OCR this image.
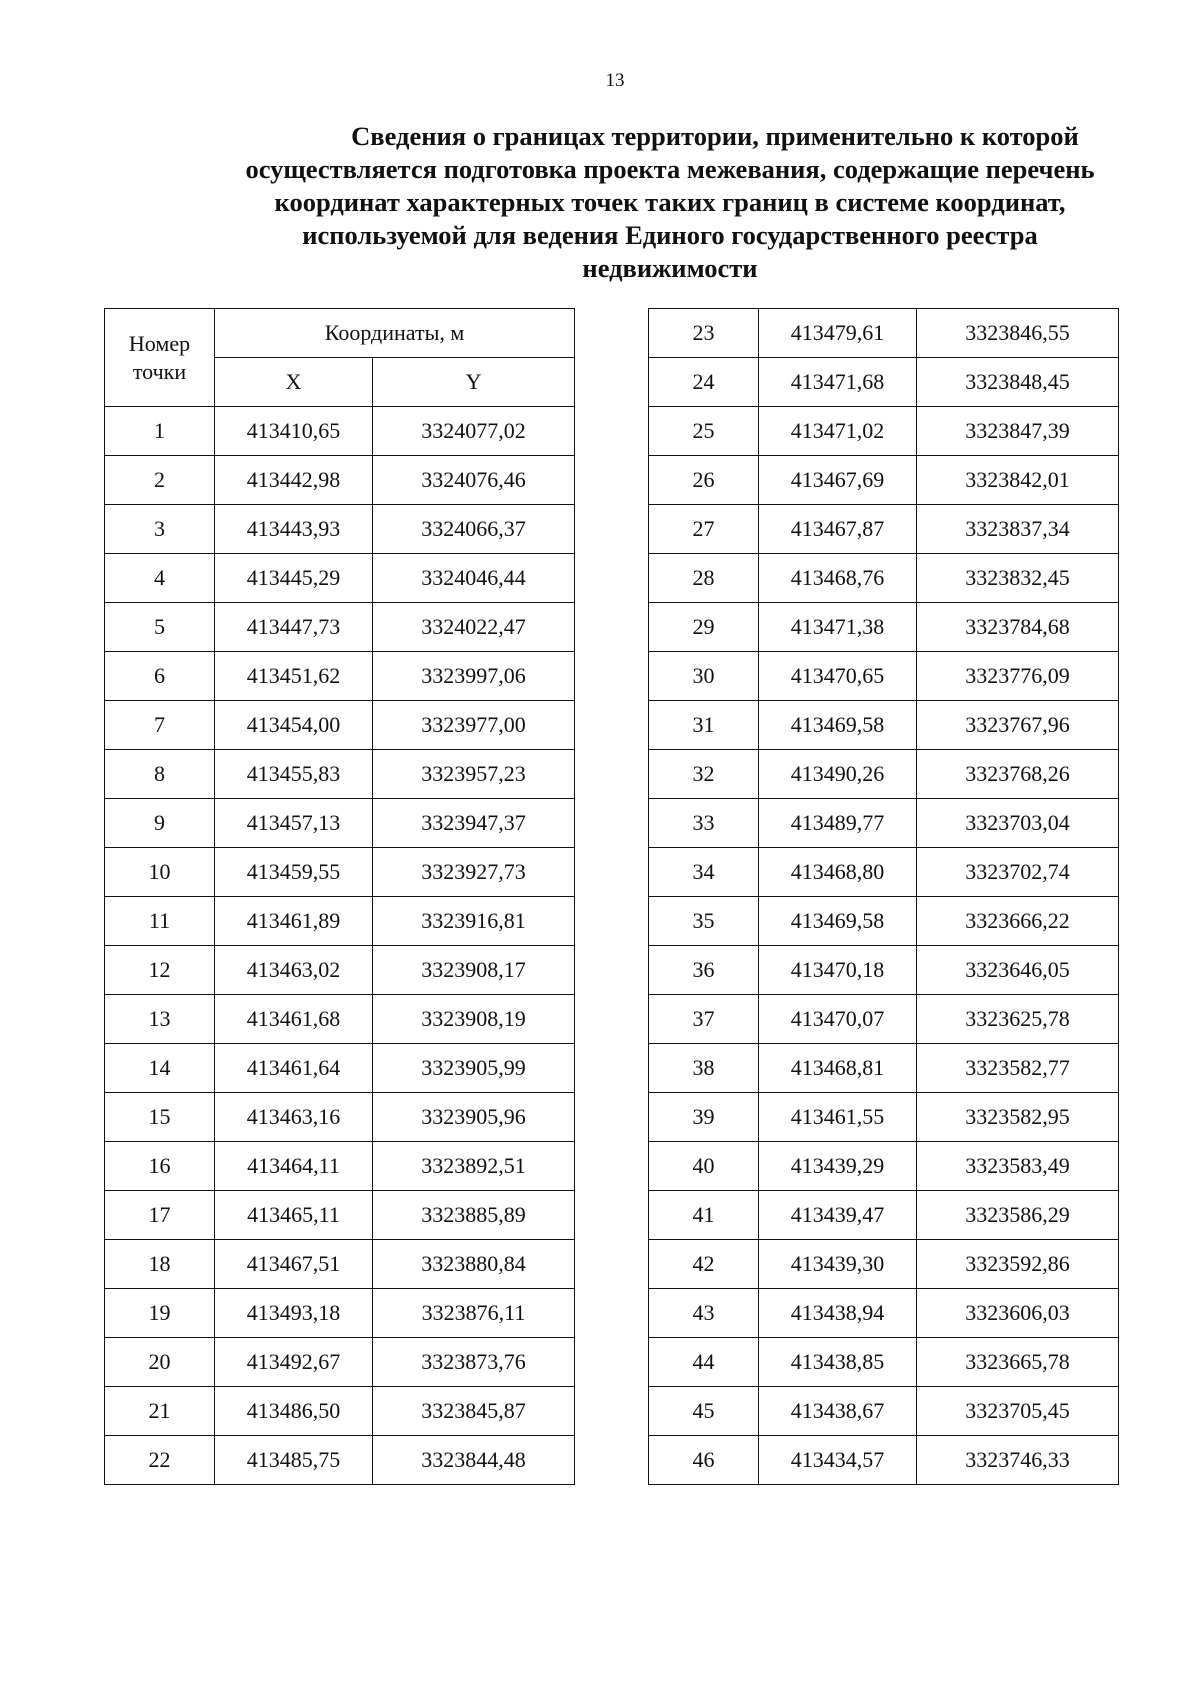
13
Сведения о границах территории, применительно к которой
осуществляется подготовка проекта межевания, содержащие перечень
координат характерных точек таких границ в системе координат,
используемой для ведения Единого государственного реестра
недвижимости
Номер
точки	Координаты, м	
	X	Y
1	413410,65	3324077,02
2	413442,98	3324076,46
3	413443,93	3324066,37
4	413445,29	3324046,44
5	413447,73	3324022,47
6	413451,62	3323997,06
7	413454,00	3323977,00
8	413455,83	3323957,23
9	413457,13	3323947,37
10	413459,55	3323927,73
11	413461,89	3323916,81
12	413463,02	3323908,17
13	413461,68	3323908,19
14	413461,64	3323905,99
15	413463,16	3323905,96
16	413464,11	3323892,51
17	413465,11	3323885,89
18	413467,51	3323880,84
19	413493,18	3323876,11
20	413492,67	3323873,76
21	413486,50	3323845,87
22	413485,75	3323844,48
23	413479,61	3323846,55
24	413471,68	3323848,45
25	413471,02	3323847,39
26	413467,69	3323842,01
27	413467,87	3323837,34
28	413468,76	3323832,45
29	413471,38	3323784,68
30	413470,65	3323776,09
31	413469,58	3323767,96
32	413490,26	3323768,26
33	413489,77	3323703,04
34	413468,80	3323702,74
35	413469,58	3323666,22
36	413470,18	3323646,05
37	413470,07	3323625,78
38	413468,81	3323582,77
39	413461,55	3323582,95
40	413439,29	3323583,49
41	413439,47	3323586,29
42	413439,30	3323592,86
43	413438,94	3323606,03
44	413438,85	3323665,78
45	413438,67	3323705,45
46	413434,57	3323746,33
